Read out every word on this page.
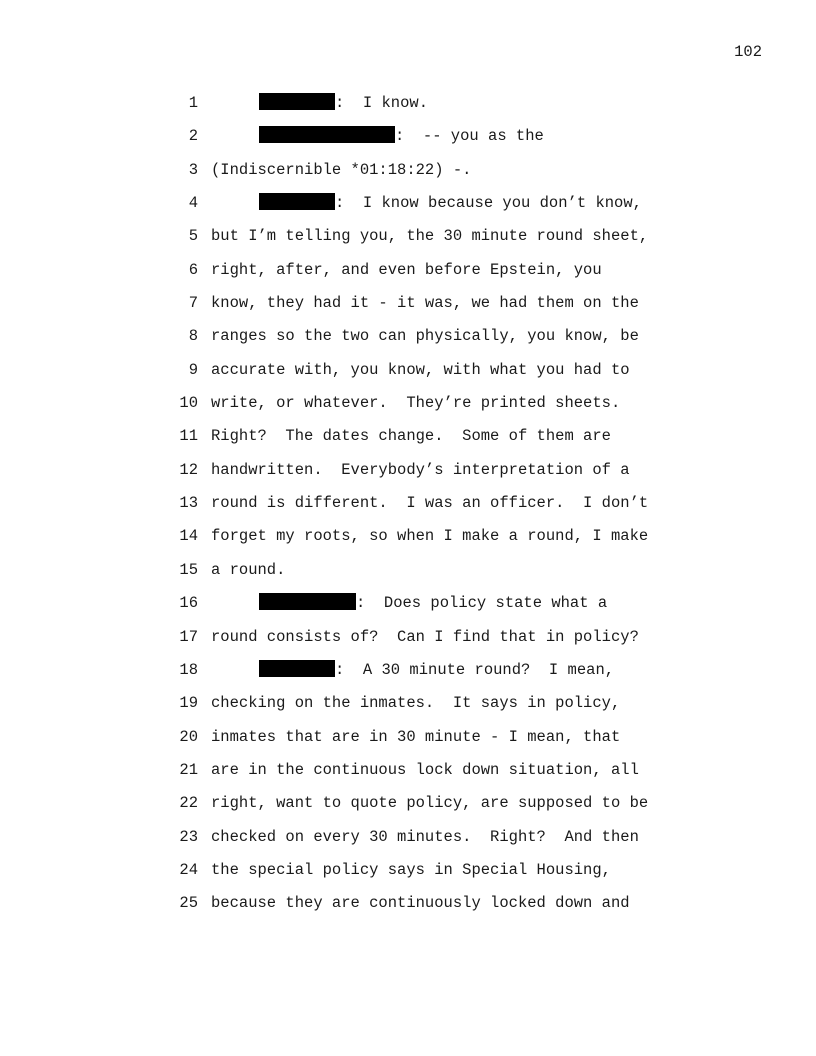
102
1	:  I know.
2	:  -- you as the
3 (Indiscernible *01:18:22) -.
4	:  I know because you don’t know,
5 but I’m telling you, the 30 minute round sheet,
6 right, after, and even before Epstein, you
7 know, they had it - it was, we had them on the
8 ranges so the two can physically, you know, be
9 accurate with, you know, with what you had to
10 write, or whatever.  They’re printed sheets.
11 Right?  The dates change.  Some of them are
12 handwritten.  Everybody’s interpretation of a
13 round is different.  I was an officer.  I don’t
14 forget my roots, so when I make a round, I make
15 a round.
16	:  Does policy state what a
17 round consists of?  Can I find that in policy?
18	:  A 30 minute round?  I mean,
19 checking on the inmates.  It says in policy,
20 inmates that are in 30 minute - I mean, that
21 are in the continuous lock down situation, all
22 right, want to quote policy, are supposed to be
23 checked on every 30 minutes.  Right?  And then
24 the special policy says in Special Housing,
25 because they are continuously locked down and
